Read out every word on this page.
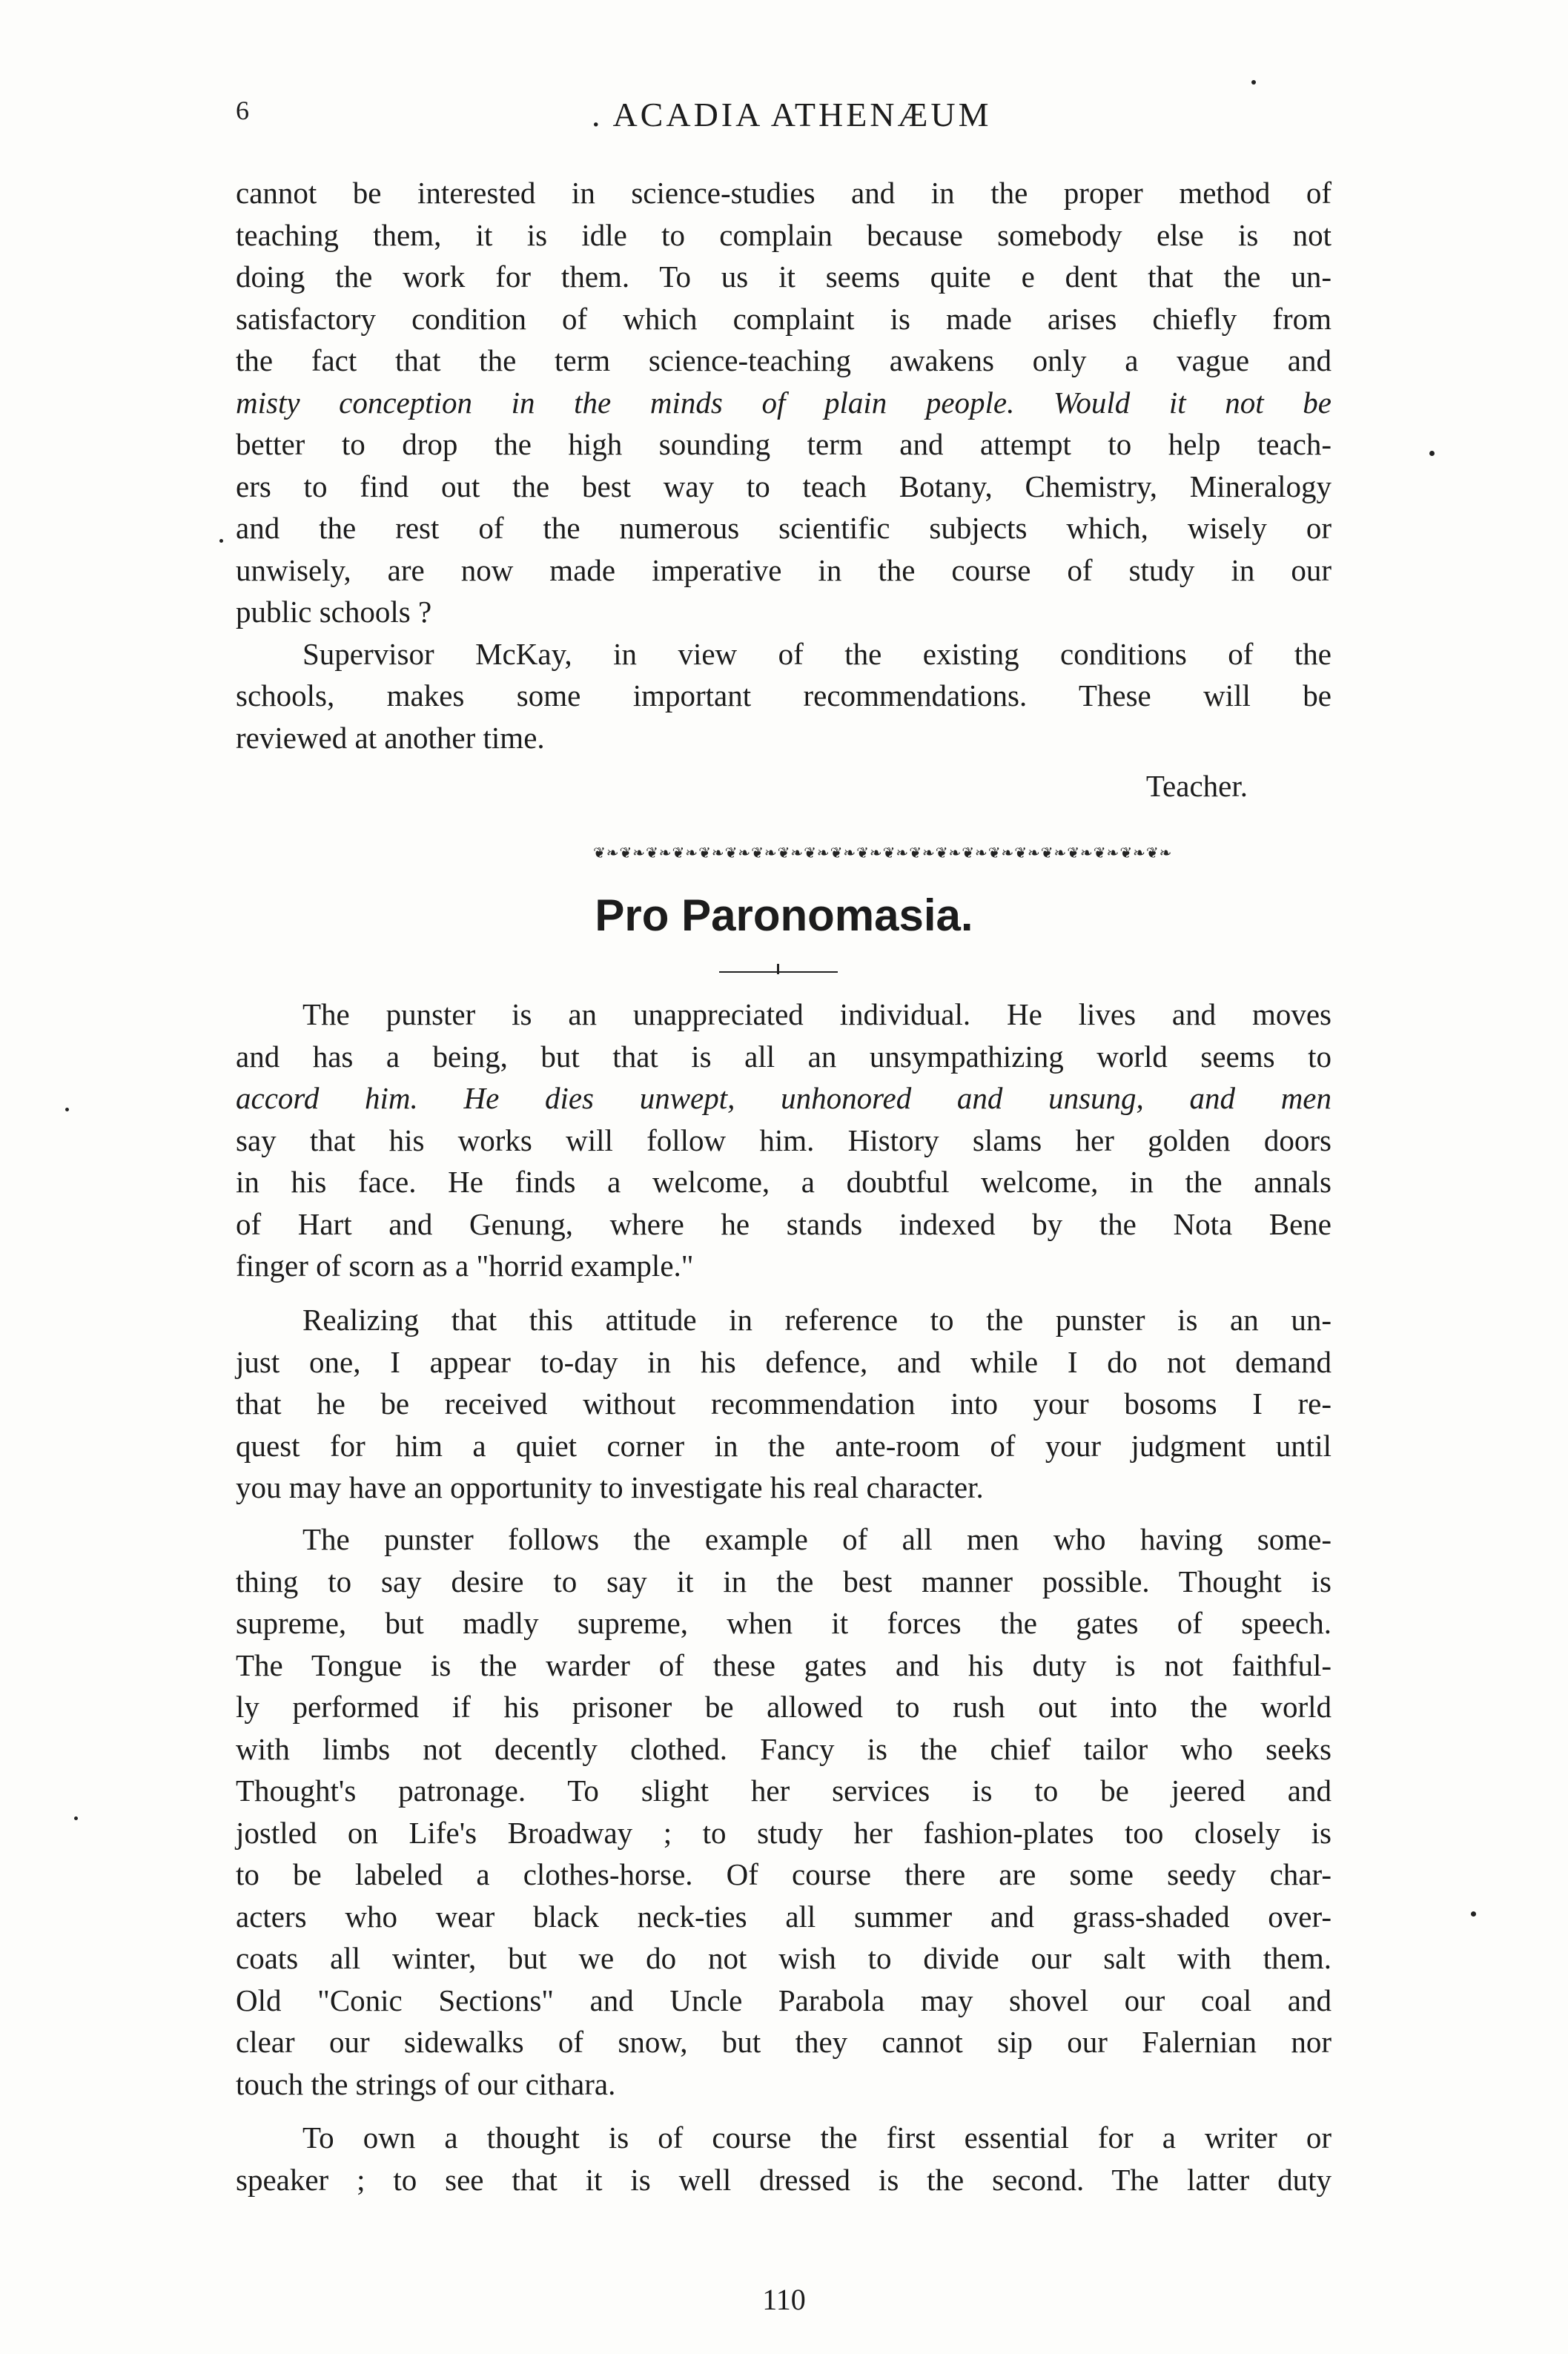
6	. ACADIA ATHENÆUM
cannot be interested in science-studies and in the proper method of
teaching them, it is idle to complain because somebody else is not
doing the work for them. To us it seems quite e dent that the un-
satisfactory condition of which complaint is made arises chiefly from
the fact that the term science-teaching awakens only a vague and
misty conception in the minds of plain people. Would it not be
better to drop the high sounding term and attempt to help teach-
ers to find out the best way to teach Botany, Chemistry, Mineralogy
and the rest of the numerous scientific subjects which, wisely or
unwisely, are now made imperative in the course of study in our
public schools ?
Supervisor McKay, in view of the existing conditions of the
schools, makes some important recommendations. These will be
reviewed at another time.
Teacher.
❦❧❦❧❦❧❦❧❦❧❦❧❦❧❦❧❦❧❦❧❦❧❦❧❦❧❦❧❦❧❦❧❦❧❦❧❦❧❦❧❦❧❦❧
Pro Paronomasia.
The punster is an unappreciated individual. He lives and moves
and has a being, but that is all an unsympathizing world seems to
accord him. He dies unwept, unhonored and unsung, and men
say that his works will follow him. History slams her golden doors
in his face. He finds a welcome, a doubtful welcome, in the annals
of Hart and Genung, where he stands indexed by the Nota Bene
finger of scorn as a "horrid example."
Realizing that this attitude in reference to the punster is an un-
just one, I appear to-day in his defence, and while I do not demand
that he be received without recommendation into your bosoms I re-
quest for him a quiet corner in the ante-room of your judgment until
you may have an opportunity to investigate his real character.
The punster follows the example of all men who having some-
thing to say desire to say it in the best manner possible. Thought is
supreme, but madly supreme, when it forces the gates of speech.
The Tongue is the warder of these gates and his duty is not faithful-
ly performed if his prisoner be allowed to rush out into the world
with limbs not decently clothed. Fancy is the chief tailor who seeks
Thought's patronage. To slight her services is to be jeered and
jostled on Life's Broadway ; to study her fashion-plates too closely is
to be labeled a clothes-horse. Of course there are some seedy char-
acters who wear black neck-ties all summer and grass-shaded over-
coats all winter, but we do not wish to divide our salt with them.
Old "Conic Sections" and Uncle Parabola may shovel our coal and
clear our sidewalks of snow, but they cannot sip our Falernian nor
touch the strings of our cithara.
To own a thought is of course the first essential for a writer or
speaker ; to see that it is well dressed is the second. The latter duty
110
